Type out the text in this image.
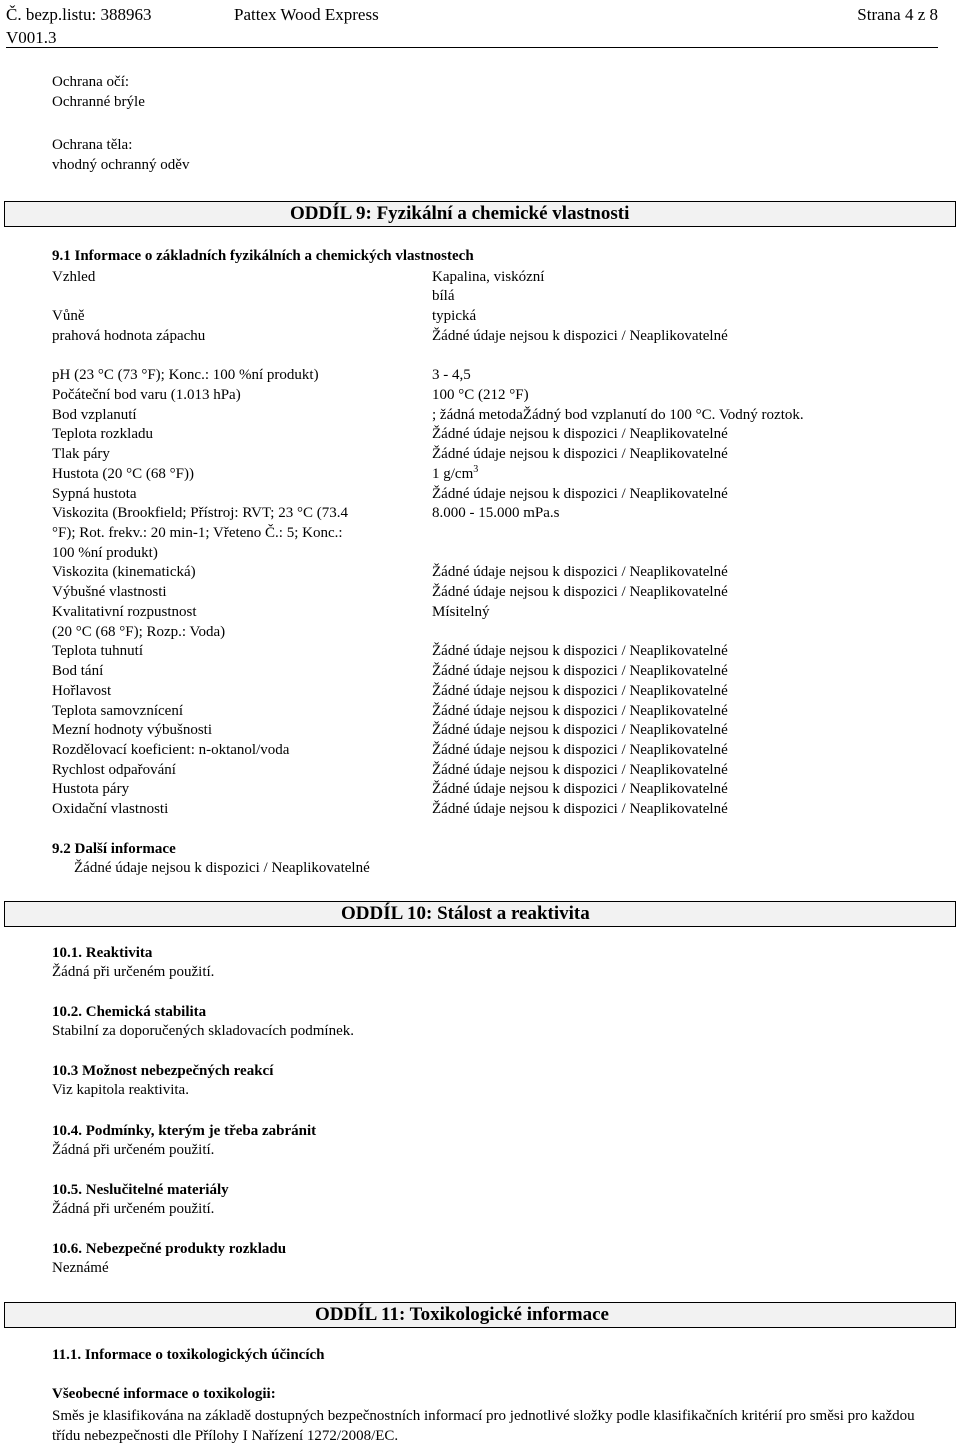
Č. bezp.listu: 388963
V001.3
Pattex Wood Express	Strana 4 z 8
Ochrana očí:
Ochranné brýle
Ochrana těla:
vhodný ochranný oděv
ODDÍL 9: Fyzikální a chemické vlastnosti
9.1 Informace o základních fyzikálních a chemických vlastnostech
Vzhled	Kapalina, viskózní
bílá
Vůně	typická
prahová hodnota zápachu	Žádné údaje nejsou k dispozici / Neaplikovatelné
pH (23 °C (73 °F); Konc.: 100 %ní produkt)	3 - 4,5
Počáteční bod varu (1.013 hPa)	100 °C (212 °F)
Bod vzplanutí	; žádná metodaŽádný bod vzplanutí do 100 °C. Vodný roztok.
Teplota rozkladu	Žádné údaje nejsou k dispozici / Neaplikovatelné
Tlak páry	Žádné údaje nejsou k dispozici / Neaplikovatelné
Hustota (20 °C (68 °F))	1 $g/cm^3$
Sypná hustota	Žádné údaje nejsou k dispozici / Neaplikovatelné
Viskozita (Brookfield; Přístroj: RVT; 23 °C (73.4	8.000 - 15.000 mPa.s
°F); Rot. frekv.: 20 min-1; Vřeteno Č.: 5; Konc.:
100 %ní produkt)
Viskozita (kinematická)	Žádné údaje nejsou k dispozici / Neaplikovatelné
Výbušné vlastnosti	Žádné údaje nejsou k dispozici / Neaplikovatelné
Kvalitativní rozpustnost	Mísitelný
(20 °C (68 °F); Rozp.: Voda)
Teplota tuhnutí	Žádné údaje nejsou k dispozici / Neaplikovatelné
Bod tání	Žádné údaje nejsou k dispozici / Neaplikovatelné
Hořlavost	Žádné údaje nejsou k dispozici / Neaplikovatelné
Teplota samovznícení	Žádné údaje nejsou k dispozici / Neaplikovatelné
Mezní hodnoty výbušnosti	Žádné údaje nejsou k dispozici / Neaplikovatelné
Rozdělovací koeficient: n-oktanol/voda	Žádné údaje nejsou k dispozici / Neaplikovatelné
Rychlost odpařování	Žádné údaje nejsou k dispozici / Neaplikovatelné
Hustota páry	Žádné údaje nejsou k dispozici / Neaplikovatelné
Oxidační vlastnosti	Žádné údaje nejsou k dispozici / Neaplikovatelné
9.2 Další informace
Žádné údaje nejsou k dispozici / Neaplikovatelné
ODDÍL 10: Stálost a reaktivita
10.1. Reaktivita
Žádná při určeném použití.
10.2. Chemická stabilita
Stabilní za doporučených skladovacích podmínek.
10.3 Možnost nebezpečných reakcí
Viz kapitola reaktivita.
10.4. Podmínky, kterým je třeba zabránit
Žádná při určeném použití.
10.5. Neslučitelné materiály
Žádná při určeném použití.
10.6. Nebezpečné produkty rozkladu
Neznámé
ODDÍL 11: Toxikologické informace
11.1. Informace o toxikologických účincích
Všeobecné informace o toxikologii:
Směs je klasifikována na základě dostupných bezpečnostních informací pro jednotlivé složky podle klasifikačních kritérií pro směsi pro každou třídu nebezpečnosti dle Přílohy I Nařízení 1272/2008/EC.
